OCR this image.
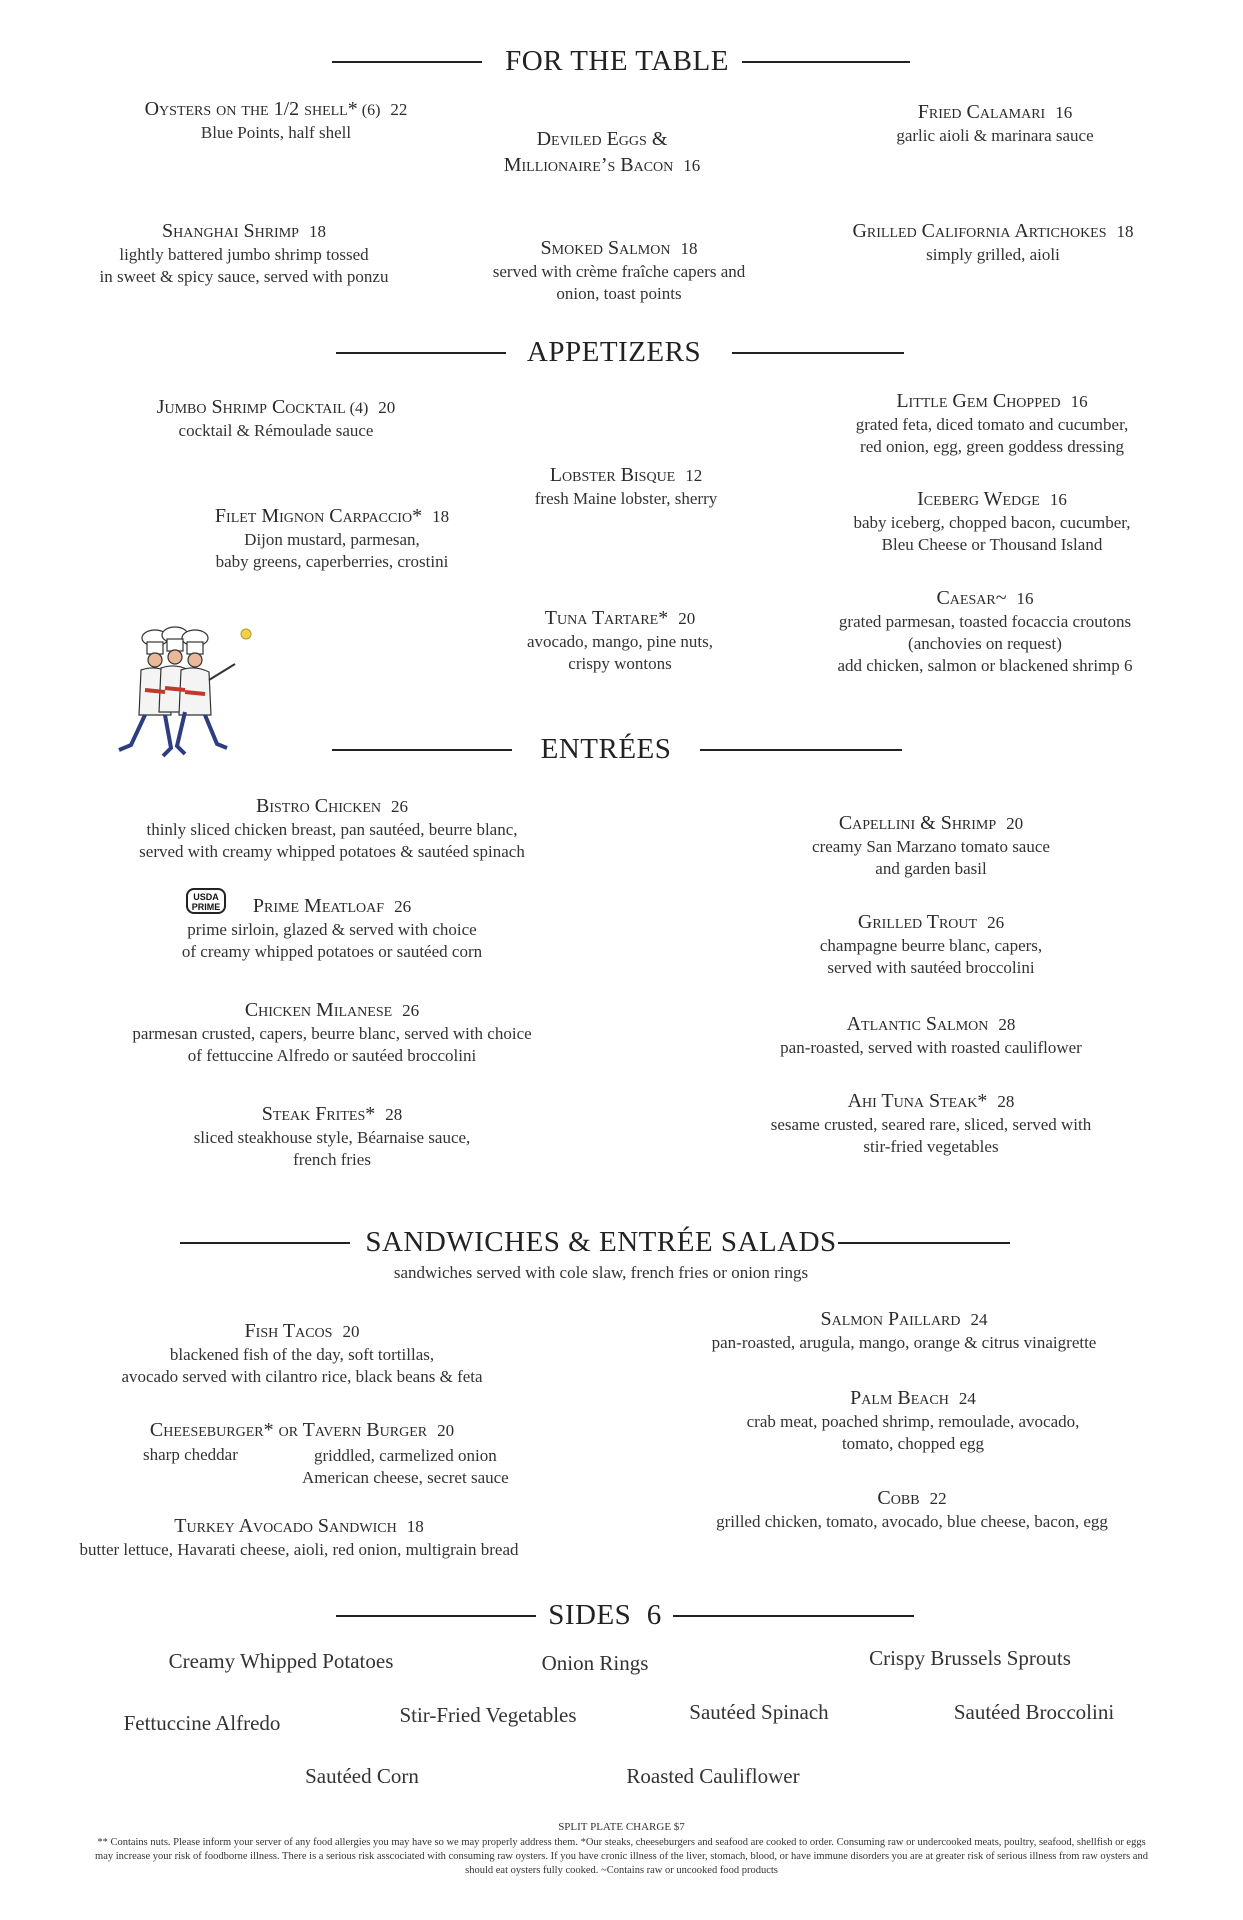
FOR THE TABLE
Oysters on the 1/2 shell* (6) 22
Blue Points, half shell	Deviled Eggs &
Millionaire’s Bacon 16
Fried Calamari 16
garlic aioli & marinara sauce
Shanghai Shrimp 18
lightly battered jumbo shrimp tossed
in sweet & spicy sauce, served with ponzu
Smoked Salmon 18
served with crème fraîche capers and
onion, toast points
Grilled California Artichokes 18
simply grilled, aioli
APPETIZERS
Jumbo Shrimp Cocktail (4) 20
cocktail & Rémoulade sauce
Filet Mignon Carpaccio* 18
Dijon mustard, parmesan,
baby greens, caperberries, crostini
Lobster Bisque 12
fresh Maine lobster, sherry
Tuna Tartare* 20
avocado, mango, pine nuts,
crispy wontons
Little Gem Chopped 16
grated feta, diced tomato and cucumber,
red onion, egg, green goddess dressing
Iceberg Wedge 16
baby iceberg, chopped bacon, cucumber,
Bleu Cheese or Thousand Island
Caesar~ 16
grated parmesan, toasted focaccia croutons
(anchovies on request)
add chicken, salmon or blackened shrimp 6
ENTRÉES
Bistro Chicken 26
thinly sliced chicken breast, pan sautéed, beurre blanc,
served with creamy whipped potatoes & sautéed spinach
USDA
PRIME	Prime Meatloaf 26
prime sirloin, glazed & served with choice
of creamy whipped potatoes or sautéed corn
Chicken Milanese 26
parmesan crusted, capers, beurre blanc, served with choice
of fettuccine Alfredo or sautéed broccolini
Steak Frites* 28
sliced steakhouse style, Béarnaise sauce,
french fries
Capellini & Shrimp 20
creamy San Marzano tomato sauce
and garden basil
Grilled Trout 26
champagne beurre blanc, capers,
served with sautéed broccolini
Atlantic Salmon 28
pan-roasted, served with roasted cauliflower
Ahi Tuna Steak* 28
sesame crusted, seared rare, sliced, served with
stir-fried vegetables
SANDWICHES & ENTRÉE SALADS
sandwiches served with cole slaw, french fries or onion rings
Fish Tacos 20
blackened fish of the day, soft tortillas,
avocado served with cilantro rice, black beans & feta
Cheeseburger* or Tavern Burger 20
sharp cheddar	griddled, carmelized onion
American cheese, secret sauce
Turkey Avocado Sandwich 18
butter lettuce, Havarati cheese, aioli, red onion, multigrain bread
Salmon Paillard 24
pan-roasted, arugula, mango, orange & citrus vinaigrette
Palm Beach 24
crab meat, poached shrimp, remoulade, avocado,
tomato, chopped egg
Cobb 22
grilled chicken, tomato, avocado, blue cheese, bacon, egg
SIDES 6
Creamy Whipped Potatoes	Onion Rings	Crispy Brussels Sprouts
Fettuccine Alfredo	Stir-Fried Vegetables	Sautéed Spinach	Sautéed Broccolini
Sautéed Corn	Roasted Cauliflower
SPLIT PLATE CHARGE $7
** Contains nuts. Please inform your server of any food allergies you may have so we may properly address them. *Our steaks, cheeseburgers and seafood are cooked to order. Consuming raw or undercooked meats, poultry, seafood, shellfish or eggs may increase your risk of foodborne illness. There is a serious risk asscociated with consuming raw oysters. If you have cronic illness of the liver, stomach, blood, or have immune disorders you are at greater risk of serious illness from raw oysters and should eat oysters fully cooked. ~Contains raw or uncooked food products
